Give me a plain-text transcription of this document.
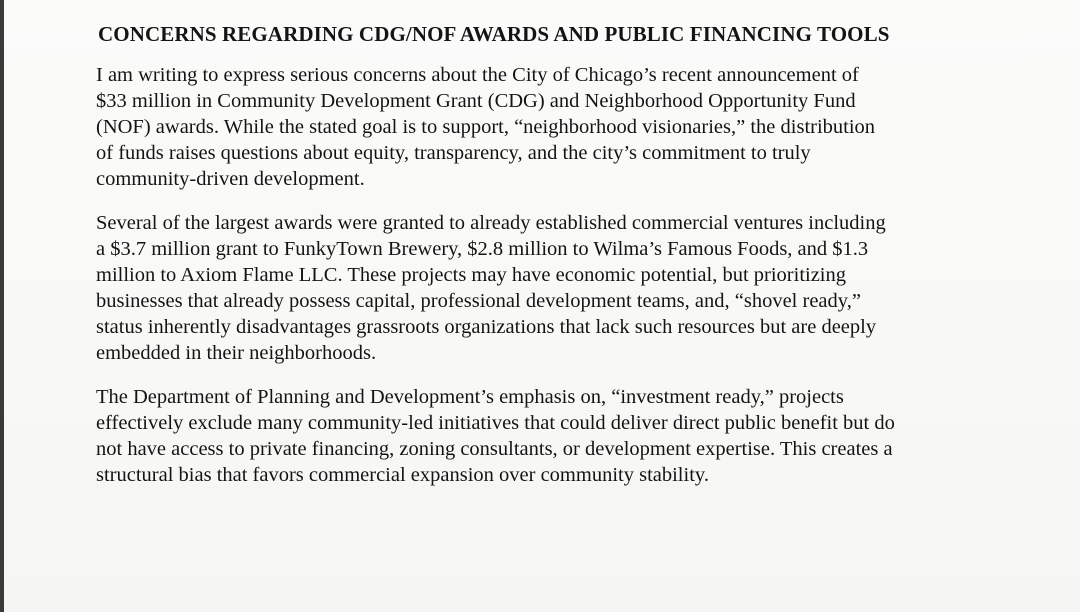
CONCERNS REGARDING CDG/NOF AWARDS AND PUBLIC FINANCING TOOLS
I am writing to express serious concerns about the City of Chicago’s recent announcement of
$33 million in Community Development Grant (CDG) and Neighborhood Opportunity Fund
(NOF) awards. While the stated goal is to support, “neighborhood visionaries,” the distribution
of funds raises questions about equity, transparency, and the city’s commitment to truly
community-driven development.
Several of the largest awards were granted to already established commercial ventures including
a $3.7 million grant to FunkyTown Brewery, $2.8 million to Wilma’s Famous Foods, and $1.3
million to Axiom Flame LLC. These projects may have economic potential, but prioritizing
businesses that already possess capital, professional development teams, and, “shovel ready,”
status inherently disadvantages grassroots organizations that lack such resources but are deeply
embedded in their neighborhoods.
The Department of Planning and Development’s emphasis on, “investment ready,” projects
effectively exclude many community-led initiatives that could deliver direct public benefit but do
not have access to private financing, zoning consultants, or development expertise. This creates a
structural bias that favors commercial expansion over community stability.
